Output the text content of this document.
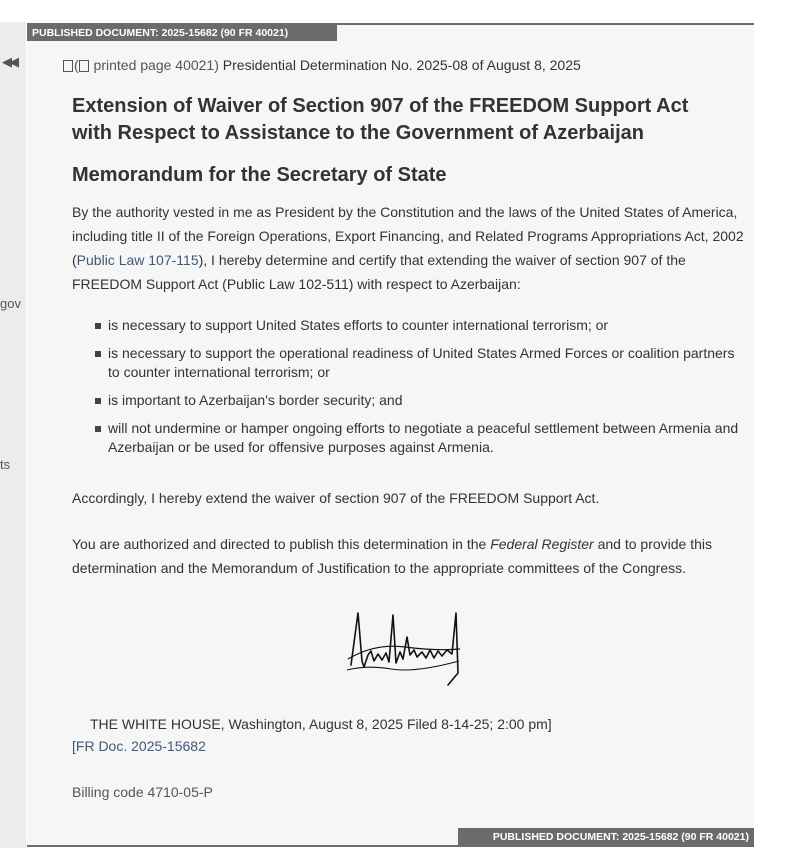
◀◀
gov
ts
PUBLISHED DOCUMENT: 2025-15682 (90 FR 40021)
( printed page 40021) Presidential Determination No. 2025-08 of August 8, 2025
Extension of Waiver of Section 907 of the FREEDOM Support Act with Respect to Assistance to the Government of Azerbaijan
Memorandum for the Secretary of State

By the authority vested in me as President by the Constitution and the laws of the United States of America, including title II of the Foreign Operations, Export Financing, and Related Programs Appropriations Act, 2002 (Public Law 107-115), I hereby determine and certify that extending the waiver of section 907 of the FREEDOM Support Act (Public Law 102-511) with respect to Azerbaijan:

is necessary to support United States efforts to counter international terrorism; or
is necessary to support the operational readiness of United States Armed Forces or coalition partners to counter international terrorism; or
is important to Azerbaijan's border security; and
will not undermine or hamper ongoing efforts to negotiate a peaceful settlement between Armenia and Azerbaijan or be used for offensive purposes against Armenia.

Accordingly, I hereby extend the waiver of section 907 of the FREEDOM Support Act.

You are authorized and directed to publish this determination in the Federal Register and to provide this determination and the Memorandum of Justification to the appropriate committees of the Congress.

THE WHITE HOUSE, Washington, August 8, 2025 Filed 8-14-25; 2:00 pm]
[FR Doc. 2025-15682
Billing code 4710-05-P
PUBLISHED DOCUMENT: 2025-15682 (90 FR 40021)
